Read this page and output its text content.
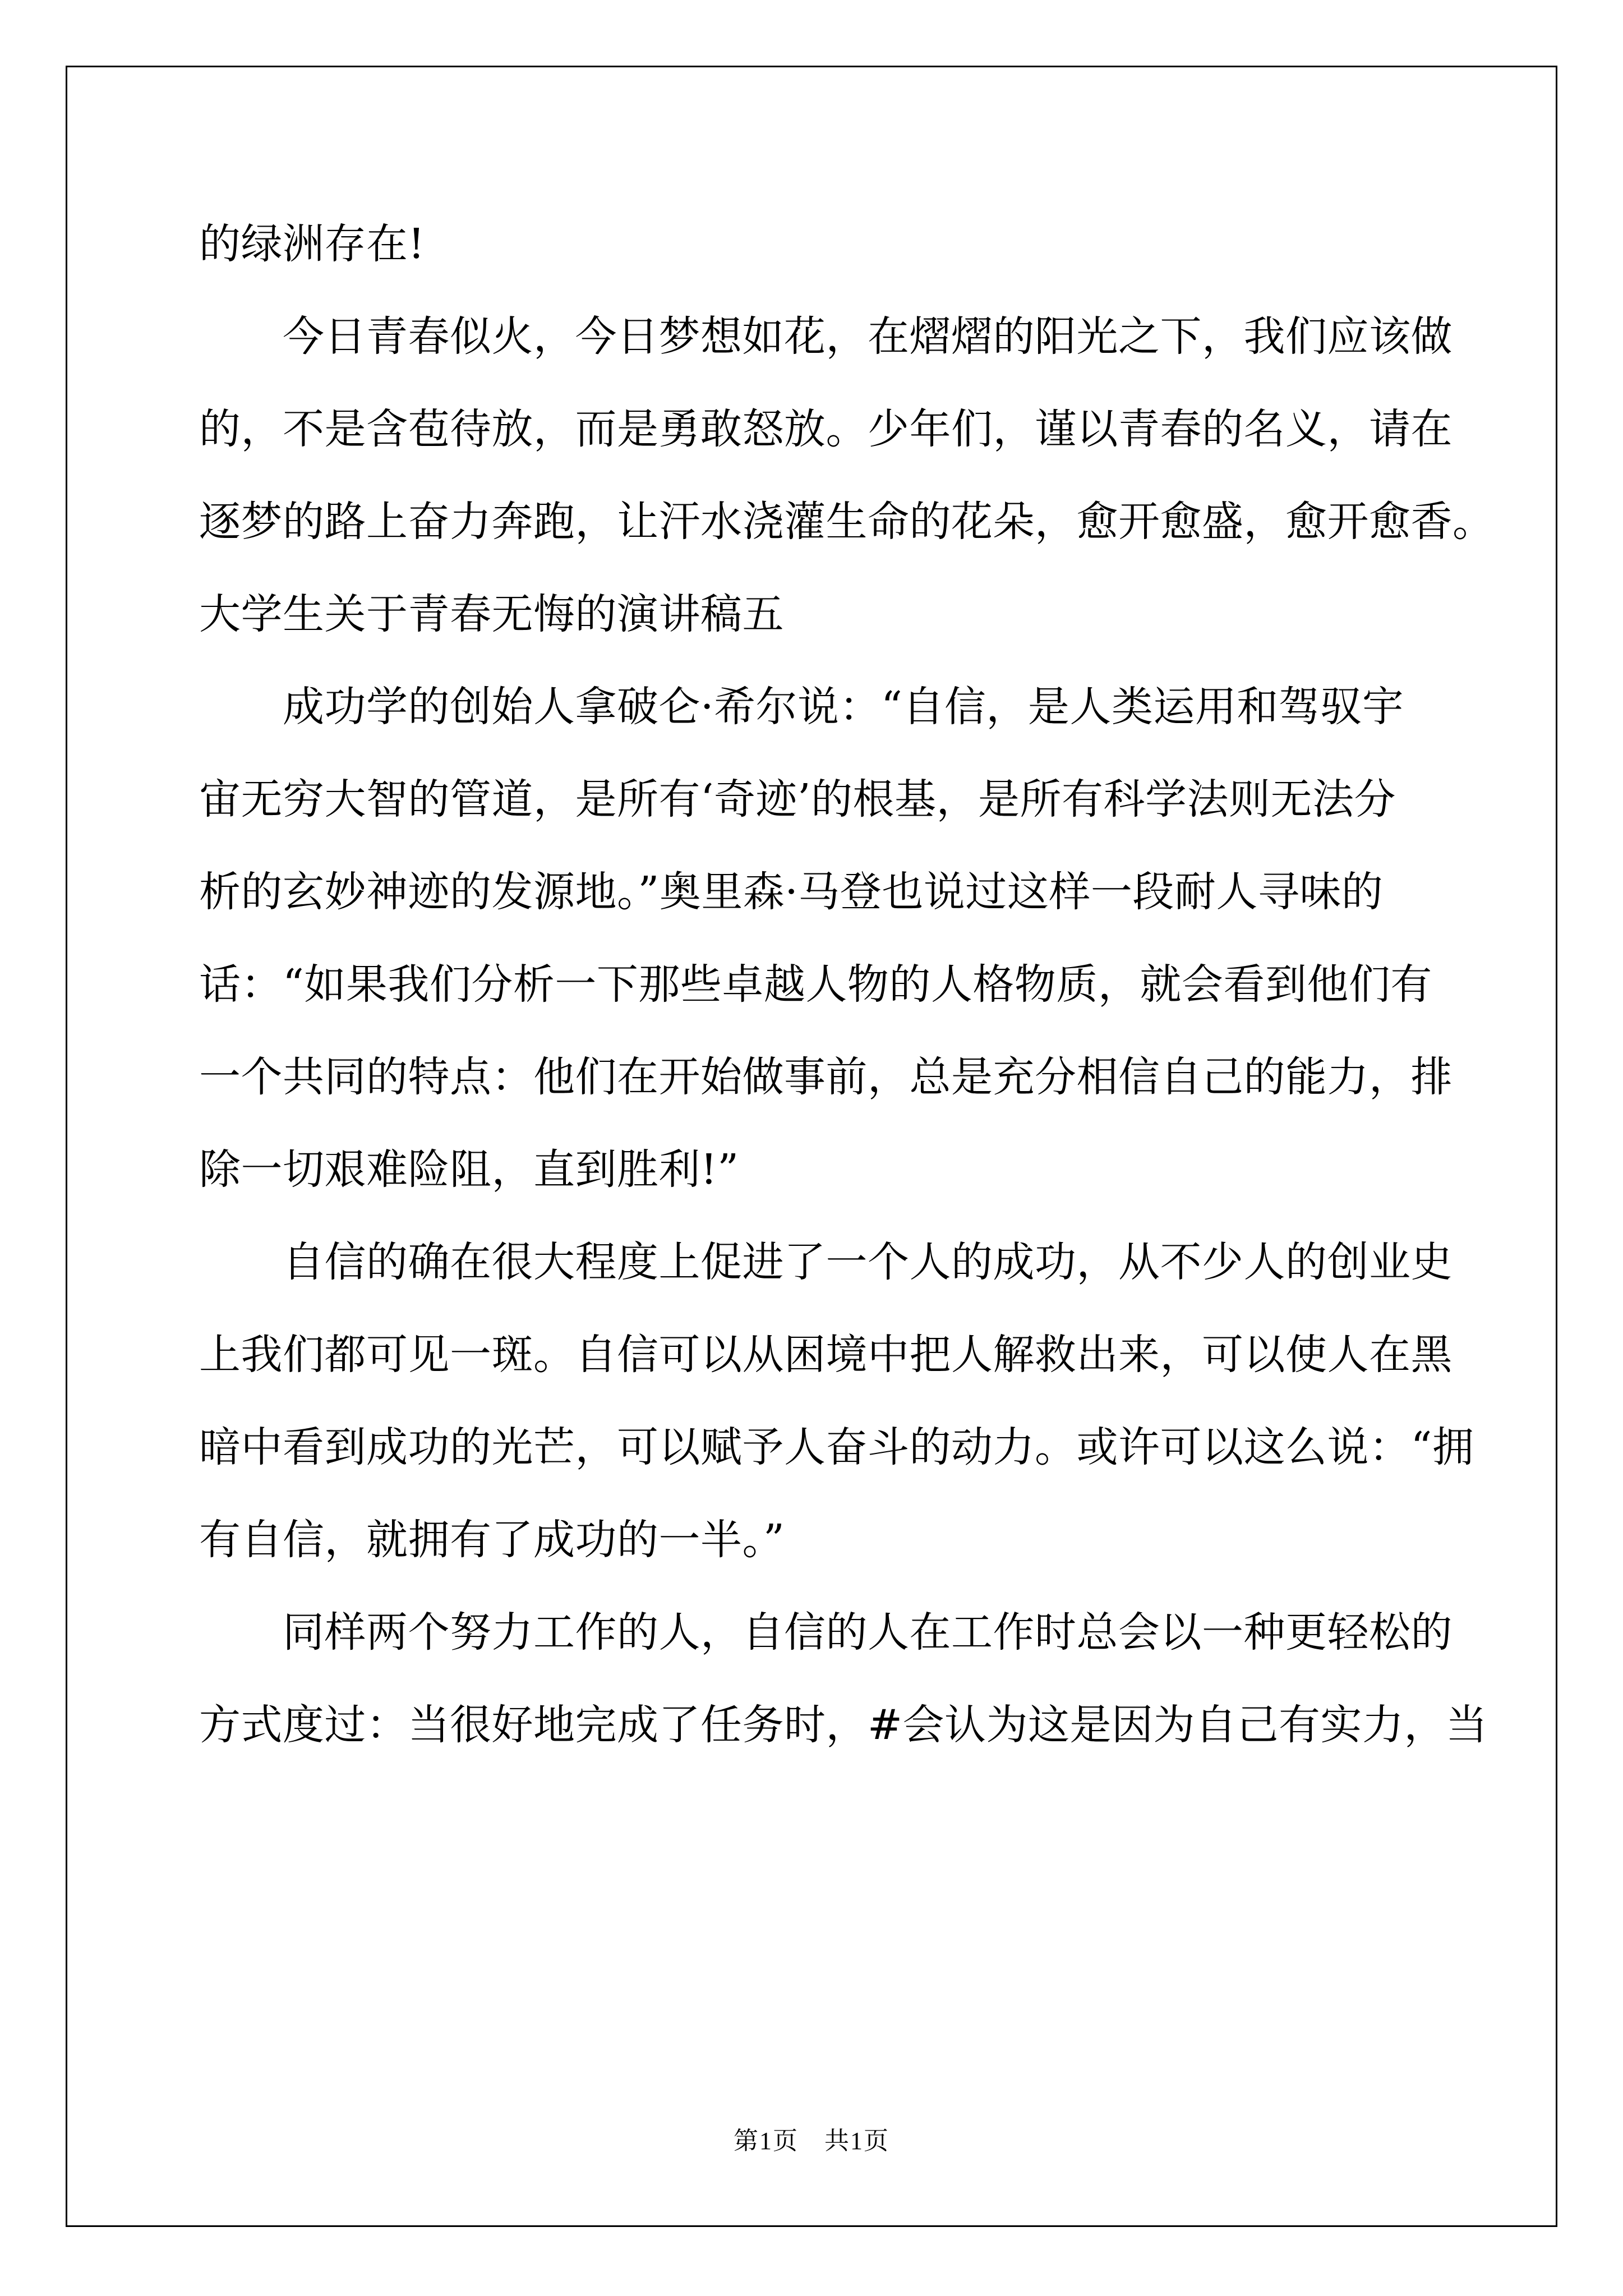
的绿洲存在!
　　今日青春似火，今日梦想如花，在熠熠的阳光之下，我们应该做
的，不是含苞待放，而是勇敢怒放。少年们，谨以青春的名义，请在
逐梦的路上奋力奔跑，让汗水浇灌生命的花朵，愈开愈盛，愈开愈香。
大学生关于青春无悔的演讲稿五
　　成功学的创始人拿破仑·希尔说：“自信，是人类运用和驾驭宇
宙无穷大智的管道，是所有‘奇迹’的根基，是所有科学法则无法分
析的玄妙神迹的发源地。”奥里森·马登也说过这样一段耐人寻味的
话：“如果我们分析一下那些卓越人物的人格物质，就会看到他们有
一个共同的特点：他们在开始做事前，总是充分相信自己的能力，排
除一切艰难险阻，直到胜利!”
　　自信的确在很大程度上促进了一个人的成功，从不少人的创业史
上我们都可见一斑。自信可以从困境中把人解救出来，可以使人在黑
暗中看到成功的光芒，可以赋予人奋斗的动力。或许可以这么说：“拥
有自信，就拥有了成功的一半。”
　　同样两个努力工作的人，自信的人在工作时总会以一种更轻松的
方式度过：当很好地完成了任务时，#会认为这是因为自己有实力，当
第1页　共1页
